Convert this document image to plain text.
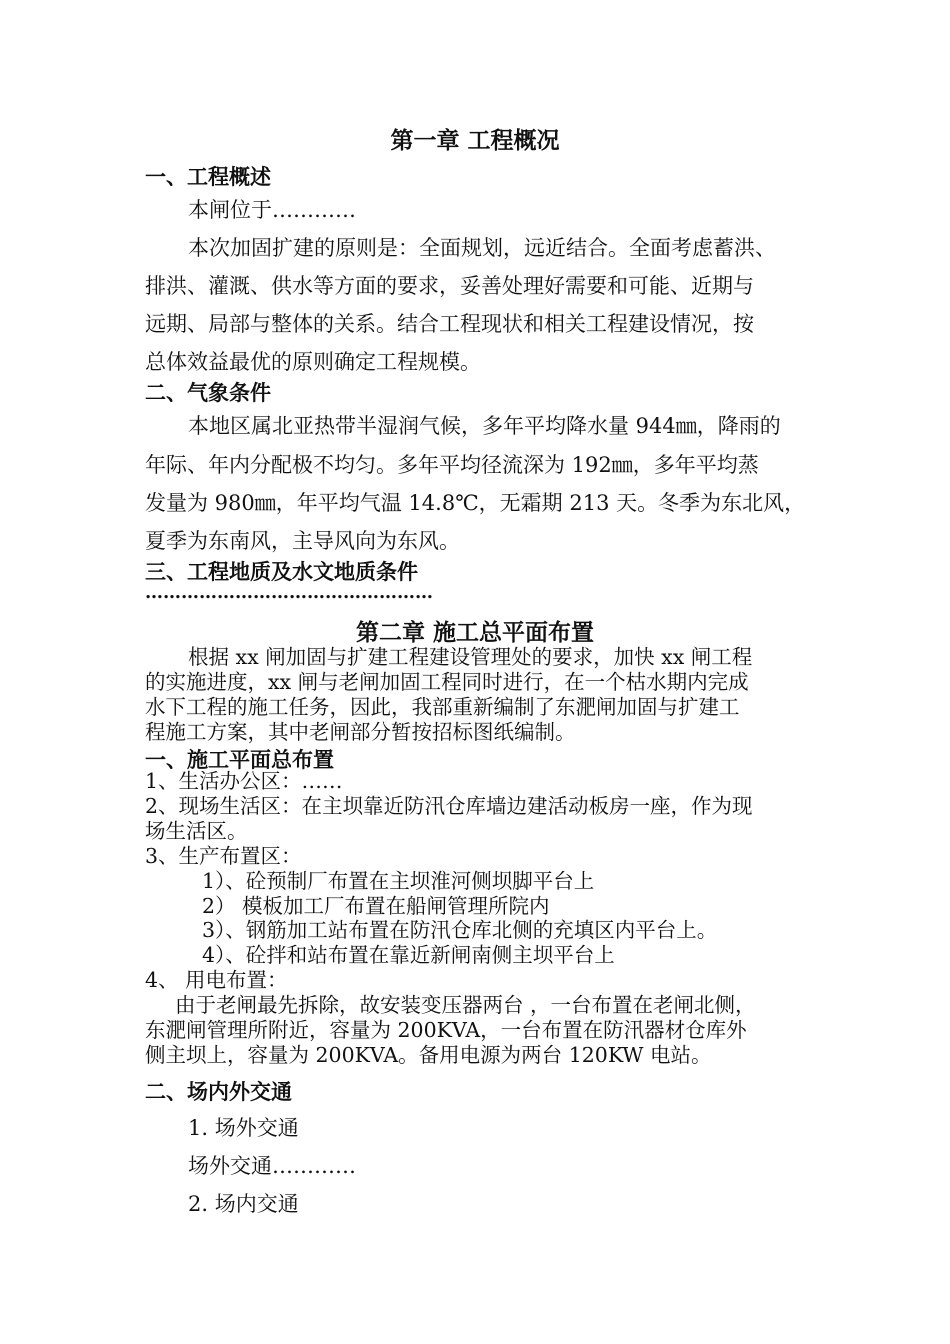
第一章 工程概况
一、工程概述
本闸位于…………
本次加固扩建的原则是：全面规划，远近结合。全面考虑蓄洪、
排洪、灌溉、供水等方面的要求，妥善处理好需要和可能、近期与
远期、局部与整体的关系。结合工程现状和相关工程建设情况，按
总体效益最优的原则确定工程规模。
二、气象条件
本地区属北亚热带半湿润气候，多年平均降水量 944㎜，降雨的
年际、年内分配极不均匀。多年平均径流深为 192㎜，多年平均蒸
发量为 980㎜，年平均气温 14.8℃，无霜期 213 天。冬季为东北风，
夏季为东南风，主导风向为东风。
三、工程地质及水文地质条件
…………………………………………
第二章 施工总平面布置
根据 xx 闸加固与扩建工程建设管理处的要求，加快 xx 闸工程
的实施进度，xx 闸与老闸加固工程同时进行，在一个枯水期内完成
水下工程的施工任务，因此，我部重新编制了东淝闸加固与扩建工
程施工方案，其中老闸部分暂按招标图纸编制。
一、施工平面总布置
1、生活办公区：……
2、现场生活区：在主坝靠近防汛仓库墙边建活动板房一座，作为现
场生活区。
3、生产布置区：
1）、砼预制厂布置在主坝淮河侧坝脚平台上
2） 模板加工厂布置在船闸管理所院内
3）、钢筋加工站布置在防汛仓库北侧的充填区内平台上。
4）、砼拌和站布置在靠近新闸南侧主坝平台上
4、 用电布置：
由于老闸最先拆除，故安装变压器两台 ，一台布置在老闸北侧，
东淝闸管理所附近，容量为 200KVA，一台布置在防汛器材仓库外
侧主坝上，容量为 200KVA。备用电源为两台 120KW 电站。
二、场内外交通
1. 场外交通
场外交通…………
2. 场内交通
